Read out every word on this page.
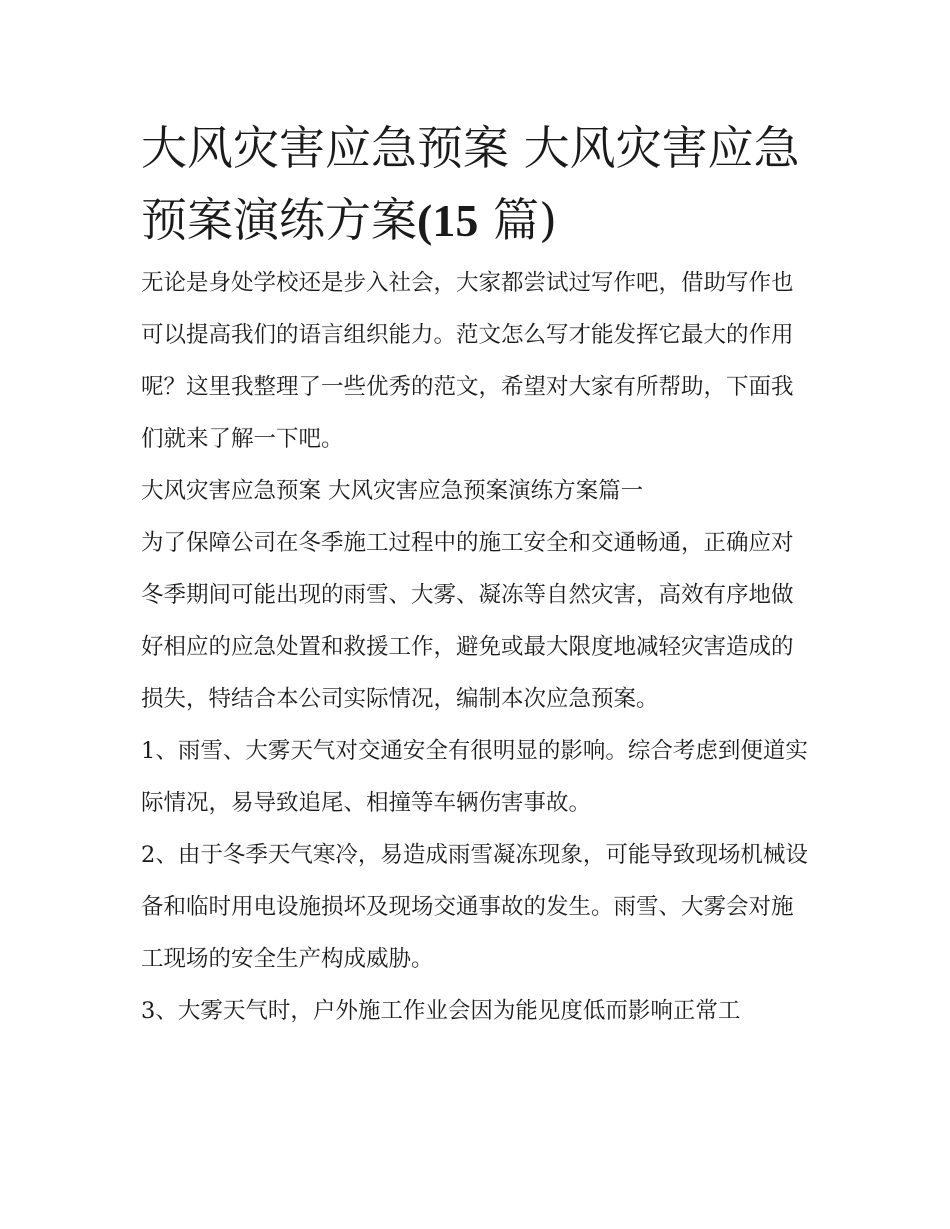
大风灾害应急预案 大风灾害应急预案演练方案(15 篇)

无论是身处学校还是步入社会，大家都尝试过写作吧，借助写作也可以提高我们的语言组织能力。范文怎么写才能发挥它最大的作用呢？这里我整理了一些优秀的范文，希望对大家有所帮助，下面我们就来了解一下吧。

大风灾害应急预案 大风灾害应急预案演练方案篇一

为了保障公司在冬季施工过程中的施工安全和交通畅通，正确应对冬季期间可能出现的雨雪、大雾、凝冻等自然灾害，高效有序地做好相应的应急处置和救援工作，避免或最大限度地减轻灾害造成的损失，特结合本公司实际情况，编制本次应急预案。

1、雨雪、大雾天气对交通安全有很明显的影响。综合考虑到便道实际情况，易导致追尾、相撞等车辆伤害事故。

2、由于冬季天气寒冷，易造成雨雪凝冻现象，可能导致现场机械设备和临时用电设施损坏及现场交通事故的发生。雨雪、大雾会对施工现场的安全生产构成威胁。

3、大雾天气时，户外施工作业会因为能见度低而影响正常工
